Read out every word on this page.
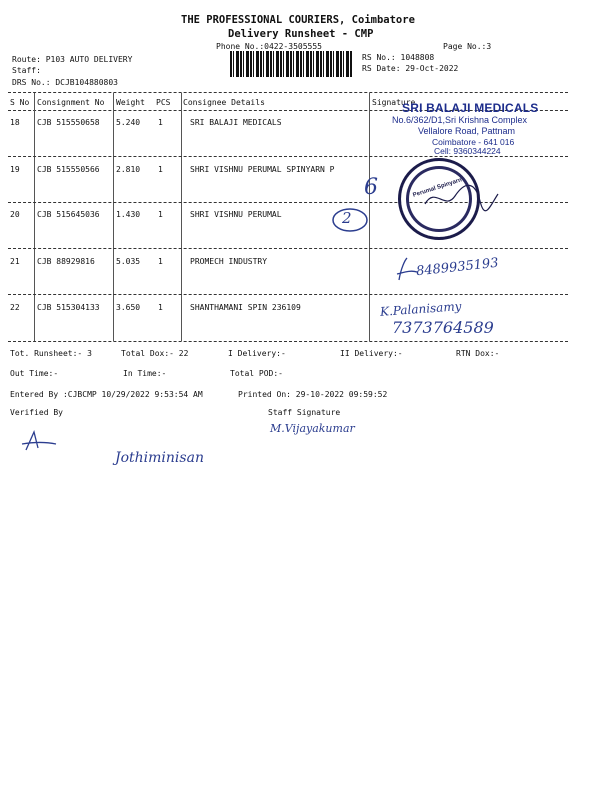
THE PROFESSIONAL COURIERS, Coimbatore
Delivery Runsheet - CMP
Phone No.:0422-3505555	Page No.:3
Route: P103 AUTO DELIVERY
Staff:
DRS No.: DCJB104880803
RS No.: 1048808
RS Date: 29-Oct-2022
S No Consignment No Weight PCS Consignee Details	Signature
18 CJB 515550658 5.240 1	SRI BALAJI MEDICALS
19 CJB 515550566 2.810 1	SHRI VISHNU PERUMAL SPINYARN P
20 CJB 515645036 1.430 1	SHRI VISHNU PERUMAL
21 CJB 88929816	5.035 1	PROMECH INDUSTRY
22 CJB 515304133 3.650 1	SHANTHAMANI SPIN 236109
SRI BALAJI MEDICALS
No.6/362/D1,Sri Krishna Complex
Vellalore Road, Pattnam
Coimbatore - 641 016
Cell: 9360344224
6
2
Perumal Spinyarn
8489935193
K.Palanisamy
7373764589
Tot. Runsheet:- 3	Total Dox:- 22	I Delivery:-	II Delivery:-	RTN Dox:-
Out Time:-	In Time:-	Total POD:-
Entered By :CJBCMP 10/29/2022 9:53:54 AM	Printed On: 29-10-2022 09:59:52
Verified By	Staff Signature
M.Vijayakumar
Jothiminisan
